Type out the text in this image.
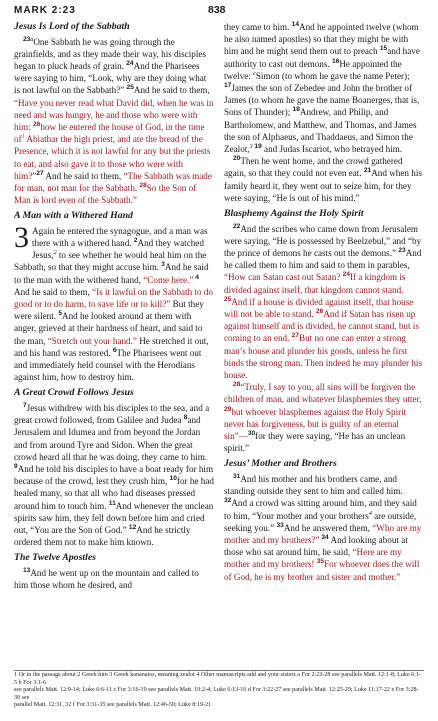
MARK 2:23	838
Jesus Is Lord of the Sabbath

$^{23a}$One Sabbath he was going through the grainfields, and as they made their way, his disciples began to pluck heads of grain. $^{24}$And the Pharisees were saying to him, “Look, why are they doing what is not lawful on the Sabbath?” $^{25}$And he said to them, “Have you never read what David did, when he was in need and was hungry, he and those who were with him: $^{26}$how he entered the house of God, in the time of$^1$ Abiathar the high priest, and ate the bread of the Presence, which it is not lawful for any but the priests to eat, and also gave it to those who were with him?”$^{27}$ And he said to them, “The Sabbath was made for man, not man for the Sabbath. $^{28}$So the Son of Man is lord even of the Sabbath.”

A Man with a Withered Hand

3 Again he entered the synagogue, and a man was there with a withered hand. $^2$And they watched Jesus,$^2$ to see whether he would heal him on the Sabbath, so that they might accuse him. $^3$And he said to the man with the withered hand, “Come here.” $^4$ And he said to them, “Is it lawful on the Sabbath to do good or to do harm, to save life or to kill?” But they were silent. $^5$And he looked around at them with anger, grieved at their hardness of heart, and said to the man, “Stretch out your hand.” He stretched it out, and his hand was restored. $^6$The Pharisees went out and immediately held counsel with the Herodians against him, how to destroy him.

A Great Crowd Follows Jesus

$^7$Jesus withdrew with his disciples to the sea, and a great crowd followed, from Galilee and Judea $^8$and Jerusalem and Idumea and from beyond the Jordan and from around Tyre and Sidon. When the great crowd heard all that he was doing, they came to him. $^9$And he told his disciples to have a boat ready for him because of the crowd, lest they crush him, $^{10}$for he had healed many, so that all who had diseases pressed around him to touch him. $^{11}$And whenever the unclean spirits saw him, they fell down before him and cried out, “You are the Son of God.” $^{12}$And he strictly ordered them not to make him known.

The Twelve Apostles

$^{13}$And he went up on the mountain and called to him those whom he desired, and

they came to him. $^{14}$And he appointed twelve (whom he also named apostles) so that they might be with him and he might send them out to preach $^{15}$and have authority to cast out demons. $^{16}$He appointed the twelve: $^c$Simon (to whom he gave the name Peter); $^{17}$James the son of Zebedee and John the brother of James (to whom he gave the name Boanerges, that is, Sons of Thunder); $^{18}$Andrew, and Philip, and Bartholomew, and Matthew, and Thomas, and James the son of Alphaeus, and Thaddaeus, and Simon the Zealot,$^3$ $^{19}$ and Judas Iscariot, who betrayed him.

$^{20}$Then he went home, and the crowd gathered again, so that they could not even eat. $^{21}$And when his family heard it, they went out to seize him, for they were saying, “He is out of his mind.”

Blasphemy Against the Holy Spirit

$^{22}$And the scribes who came down from Jerusalem were saying, “He is possessed by Beelzebul,” and “by the prince of demons he casts out the demons.” $^{23}$And he called them to him and said to them in parables, “How can Satan cast out Satan? $^{24}$If a kingdom is divided against itself, that kingdom cannot stand. $^{25}$And if a house is divided against itself, that house will not be able to stand. $^{26}$And if Satan has risen up against himself and is divided, he cannot stand, but is coming to an end. $^{27}$But no one can enter a strong man’s house and plunder his goods, unless he first binds the strong man. Then indeed he may plunder his house.

$^{28}$“Truly, I say to you, all sins will be forgiven the children of man, and whatever blasphemies they utter, $^{29}$but whoever blasphemes against the Holy Spirit never has forgiveness, but is guilty of an eternal sin”—$^{30}$for they were saying, “He has an unclean spirit.”

Jesus’ Mother and Brothers

$^{31}$And his mother and his brothers came, and standing outside they sent to him and called him. $^{32}$And a crowd was sitting around him, and they said to him, “Your mother and your brothers$^4$ are outside, seeking you.” $^{33}$And he answered them, “Who are my mother and my brothers?” $^{34}$ And looking about at those who sat around him, he said, “Here are my mother and my brothers! $^{35}$For whoever does the will of God, he is my brother and sister and mother.”

1 Or in the passage about 2 Greek him 3 Greek kananaios, meaning zealot 4 Other manuscripts add and your sisters a For 2:23-28 see parallels Matt. 12:1-8; Luke 6:1-5 b For 3:1-6
see parallels Matt. 12:9-14; Luke 6:6-11 c For 3:16-19 see parallels Matt. 10:2-4; Luke 6:13-16 d For 3:22-27 see parallels Matt. 12:25-29; Luke 11:17-22 e For 3:28-30 see
parallel Matt. 12:31, 32 f For 3:31-35 see parallels Matt. 12:46-50; Luke 8:19-21
